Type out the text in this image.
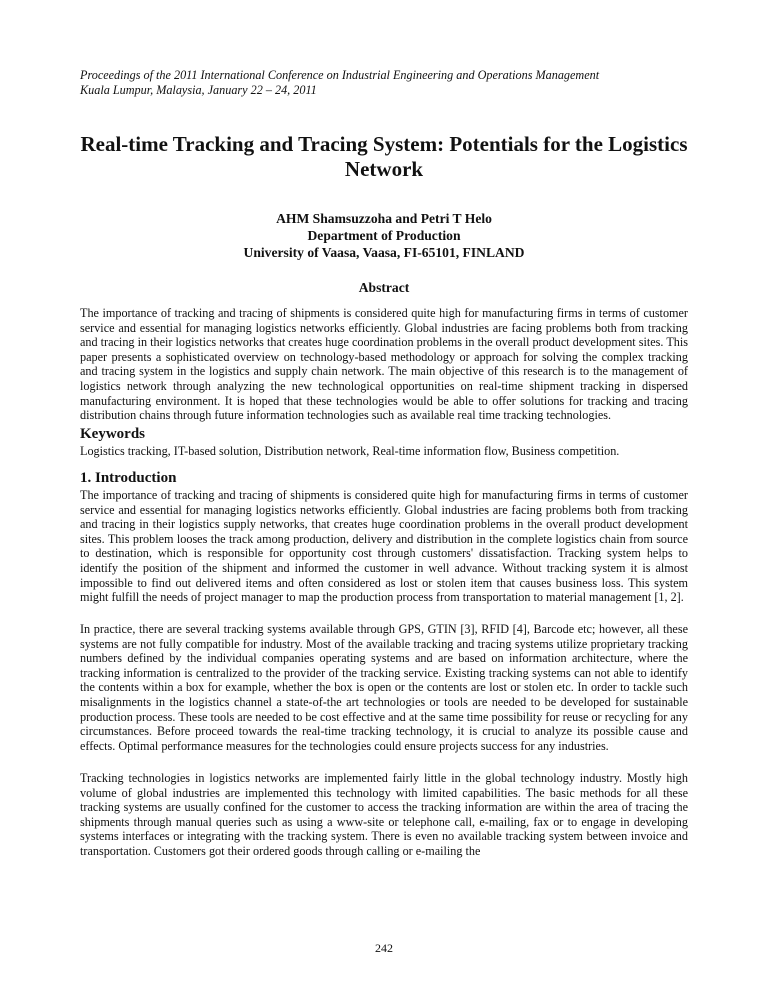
Proceedings of the 2011 International Conference on Industrial Engineering and Operations Management
Kuala Lumpur, Malaysia, January 22 – 24, 2011
Real-time Tracking and Tracing System: Potentials for the Logistics Network
AHM Shamsuzzoha and Petri T Helo
Department of Production
University of Vaasa, Vaasa, FI-65101, FINLAND
Abstract

The importance of tracking and tracing of shipments is considered quite high for manufacturing firms in terms of customer service and essential for managing logistics networks efficiently. Global industries are facing problems both from tracking and tracing in their logistics networks that creates huge coordination problems in the overall product development sites. This paper presents a sophisticated overview on technology-based methodology or approach for solving the complex tracking and tracing system in the logistics and supply chain network. The main objective of this research is to the management of logistics network through analyzing the new technological opportunities on real-time shipment tracking in dispersed manufacturing environment. It is hoped that these technologies would be able to offer solutions for tracking and tracing distribution chains through future information technologies such as available real time tracking technologies.

Keywords

Logistics tracking, IT-based solution, Distribution network, Real-time information flow, Business competition.

1. Introduction

The importance of tracking and tracing of shipments is considered quite high for manufacturing firms in terms of customer service and essential for managing logistics networks efficiently. Global industries are facing problems both from tracking and tracing in their logistics supply networks, that creates huge coordination problems in the overall product development sites. This problem looses the track among production, delivery and distribution in the complete logistics chain from source to destination, which is responsible for opportunity cost through customers' dissatisfaction. Tracking system helps to identify the position of the shipment and informed the customer in well advance. Without tracking system it is almost impossible to find out delivered items and often considered as lost or stolen item that causes business loss. This system might fulfill the needs of project manager to map the production process from transportation to material management [1, 2].

In practice, there are several tracking systems available through GPS, GTIN [3], RFID [4], Barcode etc; however, all these systems are not fully compatible for industry. Most of the available tracking and tracing systems utilize proprietary tracking numbers defined by the individual companies operating systems and are based on information architecture, where the tracking information is centralized to the provider of the tracking service. Existing tracking systems can not able to identify the contents within a box for example, whether the box is open or the contents are lost or stolen etc. In order to tackle such misalignments in the logistics channel a state-of-the art technologies or tools are needed to be developed for sustainable production process. These tools are needed to be cost effective and at the same time possibility for reuse or recycling for any circumstances. Before proceed towards the real-time tracking technology, it is crucial to analyze its possible cause and effects. Optimal performance measures for the technologies could ensure projects success for any industries.

Tracking technologies in logistics networks are implemented fairly little in the global technology industry. Mostly high volume of global industries are implemented this technology with limited capabilities. The basic methods for all these tracking systems are usually confined for the customer to access the tracking information are within the area of tracing the shipments through manual queries such as using a www-site or telephone call, e-mailing, fax or to engage in developing systems interfaces or integrating with the tracking system. There is even no available tracking system between invoice and transportation. Customers got their ordered goods through calling or e-mailing the

242
